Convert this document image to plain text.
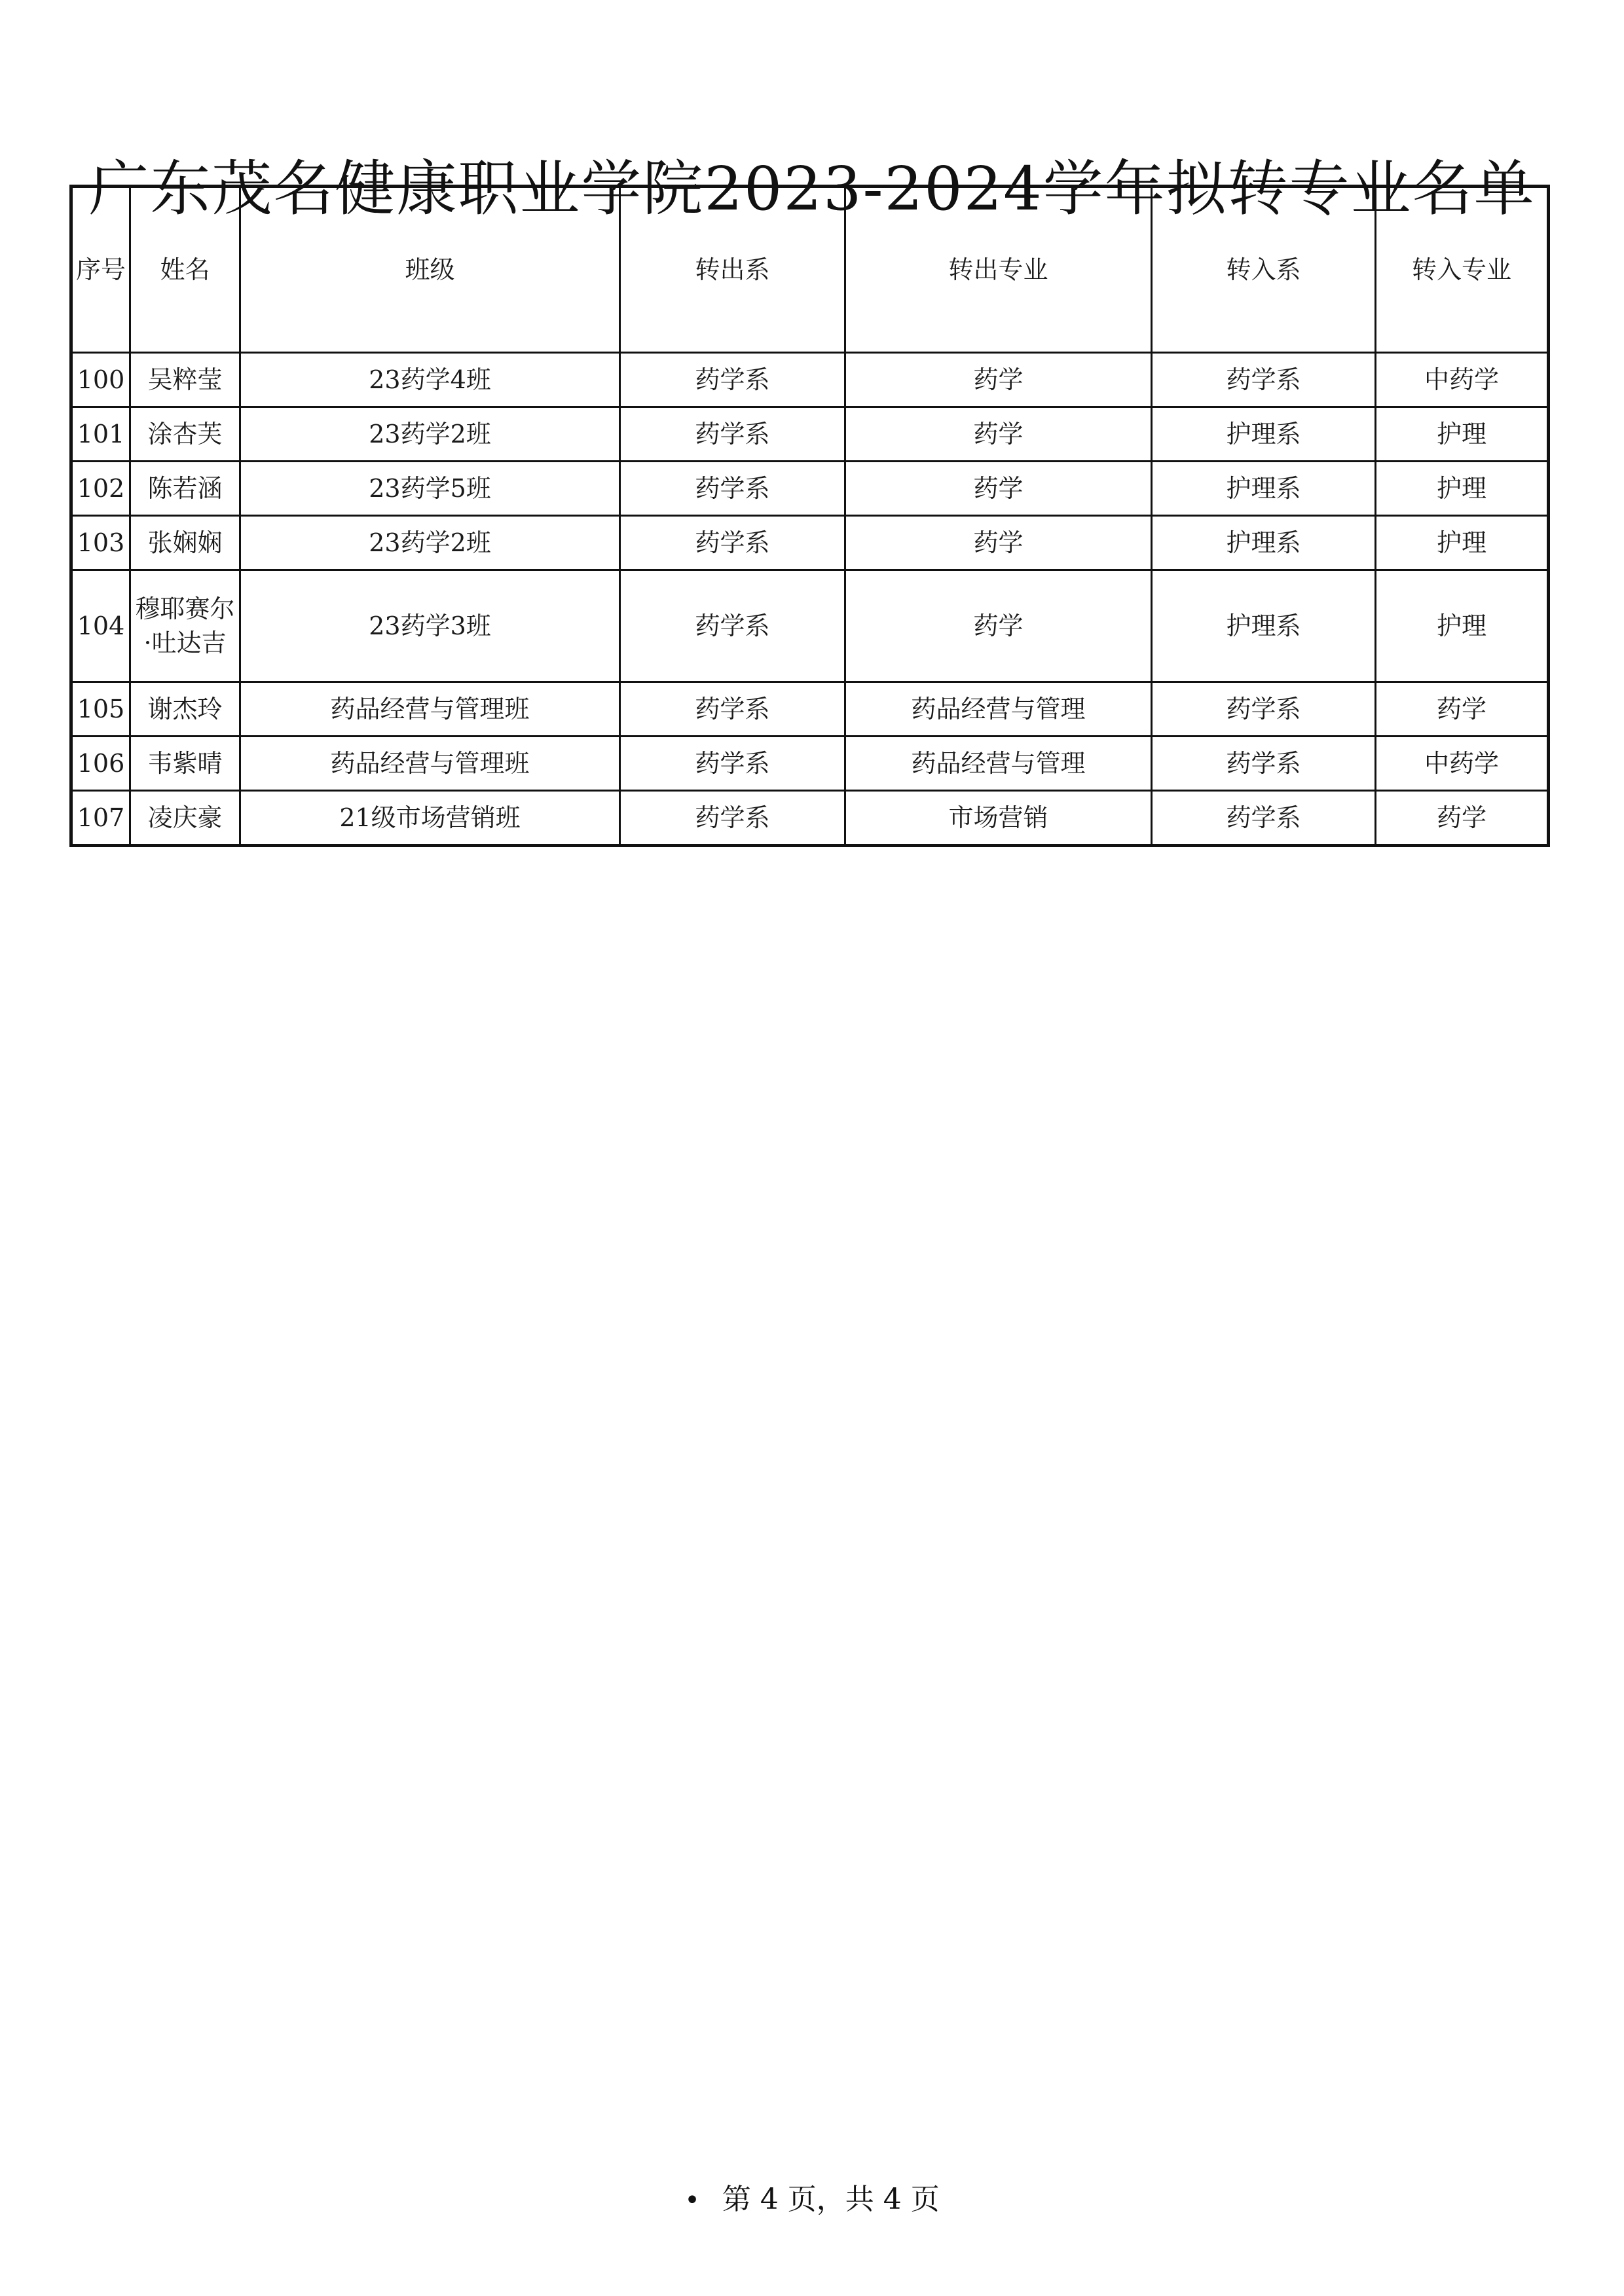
广东茂名健康职业学院2023-2024学年拟转专业名单
序号	姓名	班级	转出系	转出专业	转入系	转入专业
100	吴粹莹	23药学4班	药学系	药学	药学系	中药学
101	涂杏芙	23药学2班	药学系	药学	护理系	护理
102	陈若涵	23药学5班	药学系	药学	护理系	护理
103	张娴娴	23药学2班	药学系	药学	护理系	护理
104	穆耶赛尔·吐达吉	23药学3班	药学系	药学	护理系	护理
105	谢杰玲	药品经营与管理班	药学系	药品经营与管理	药学系	药学
106	韦紫晴	药品经营与管理班	药学系	药品经营与管理	药学系	中药学
107	凌庆豪	21级市场营销班	药学系	市场营销	药学系	药学
• 第 4 页，共 4 页
